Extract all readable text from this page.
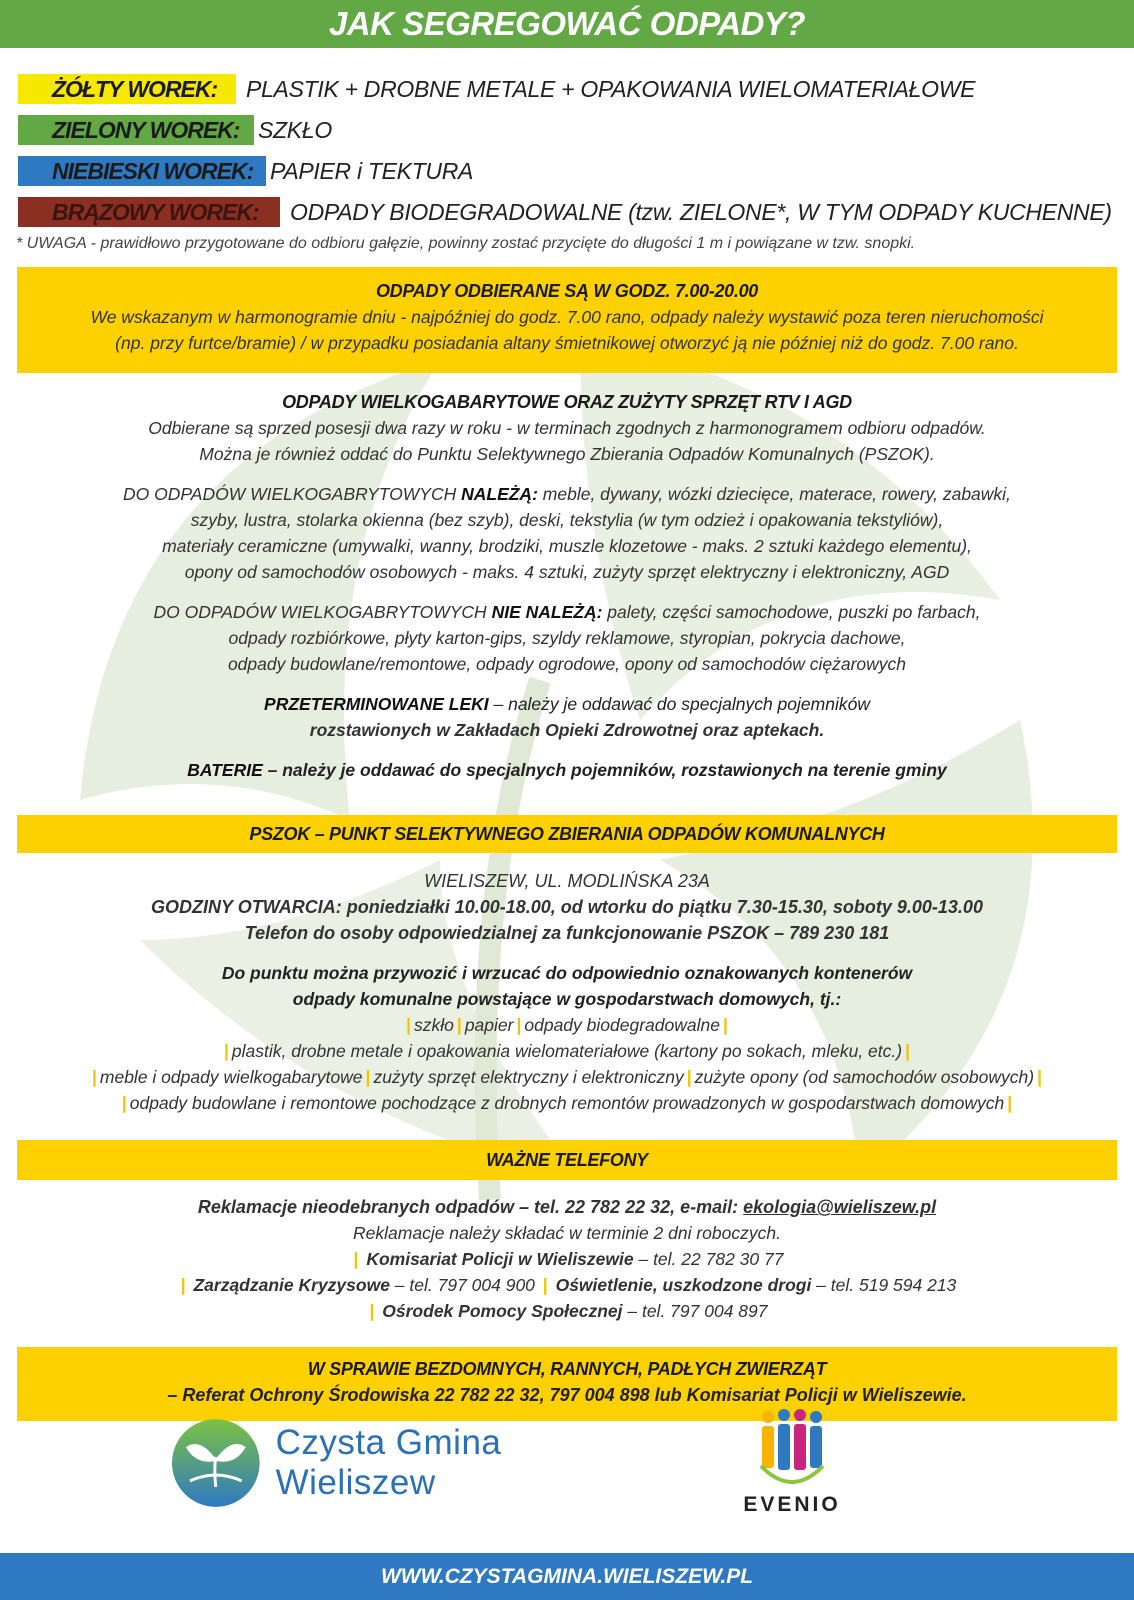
JAK SEGREGOWAĆ ODPADY?
ŻÓŁTY WOREK:	PLASTIK + DROBNE METALE + OPAKOWANIA WIELOMATERIAŁOWE
ZIELONY WOREK: SZKŁO
NIEBIESKI WOREK: PAPIER i TEKTURA
BRĄZOWY WOREK:	ODPADY BIODEGRADOWALNE (tzw. ZIELONE*, W TYM ODPADY KUCHENNE)
* UWAGA - prawidłowo przygotowane do odbioru gałęzie, powinny zostać przycięte do długości 1 m i powiązane w tzw. snopki.
ODPADY ODBIERANE SĄ W GODZ. 7.00-20.00
We wskazanym w harmonogramie dniu - najpóźniej do godz. 7.00 rano, odpady należy wystawić poza teren nieruchomości
(np. przy furtce/bramie) / w przypadku posiadania altany śmietnikowej otworzyć ją nie później niż do godz. 7.00 rano.
ODPADY WIELKOGABARYTOWE ORAZ ZUŻYTY SPRZĘT RTV I AGD
Odbierane są sprzed posesji dwa razy w roku - w terminach zgodnych z harmonogramem odbioru odpadów.
Można je również oddać do Punktu Selektywnego Zbierania Odpadów Komunalnych (PSZOK).
DO ODPADÓW WIELKOGABRYTOWYCH NALEŻĄ: meble, dywany, wózki dziecięce, materace, rowery, zabawki,
szyby, lustra, stolarka okienna (bez szyb), deski, tekstylia (w tym odzież i opakowania tekstyliów),
materiały ceramiczne (umywalki, wanny, brodziki, muszle klozetowe - maks. 2 sztuki każdego elementu),
opony od samochodów osobowych - maks. 4 sztuki, zużyty sprzęt elektryczny i elektroniczny, AGD
DO ODPADÓW WIELKOGABRYTOWYCH NIE NALEŻĄ: palety, części samochodowe, puszki po farbach,
odpady rozbiórkowe, płyty karton-gips, szyldy reklamowe, styropian, pokrycia dachowe,
odpady budowlane/remontowe, odpady ogrodowe, opony od samochodów ciężarowych
PRZETERMINOWANE LEKI – należy je oddawać do specjalnych pojemników
rozstawionych w Zakładach Opieki Zdrowotnej oraz aptekach.
BATERIE – należy je oddawać do specjalnych pojemników, rozstawionych na terenie gminy
PSZOK – PUNKT SELEKTYWNEGO ZBIERANIA ODPADÓW KOMUNALNYCH
WIELISZEW, UL. MODLIŃSKA 23A
GODZINY OTWARCIA: poniedziałki 10.00-18.00, od wtorku do piątku 7.30-15.30, soboty 9.00-13.00
Telefon do osoby odpowiedzialnej za funkcjonowanie PSZOK – 789 230 181
Do punktu można przywozić i wrzucać do odpowiednio oznakowanych kontenerów
odpady komunalne powstające w gospodarstwach domowych, tj.:
| szkło | papier | odpady biodegradowalne |
| plastik, drobne metale i opakowania wielomateriałowe (kartony po sokach, mleku, etc.) |
| meble i odpady wielkogabarytowe | zużyty sprzęt elektryczny i elektroniczny | zużyte opony (od samochodów osobowych) |
| odpady budowlane i remontowe pochodzące z drobnych remontów prowadzonych w gospodarstwach domowych |
WAŻNE TELEFONY
Reklamacje nieodebranych odpadów – tel. 22 782 22 32, e-mail: ekologia@wieliszew.pl
Reklamacje należy składać w terminie 2 dni roboczych.
| Komisariat Policji w Wieliszewie – tel. 22 782 30 77
| Zarządzanie Kryzysowe – tel. 797 004 900 | Oświetlenie, uszkodzone drogi – tel. 519 594 213
| Ośrodek Pomocy Społecznej – tel. 797 004 897
W SPRAWIE BEZDOMNYCH, RANNYCH, PADŁYCH ZWIERZĄT
– Referat Ochrony Środowiska 22 782 22 32, 797 004 898 lub Komisariat Policji w Wieliszewie.
Czysta Gmina Wieliszew
EVENIO
WWW.CZYSTAGMINA.WIELISZEW.PL
